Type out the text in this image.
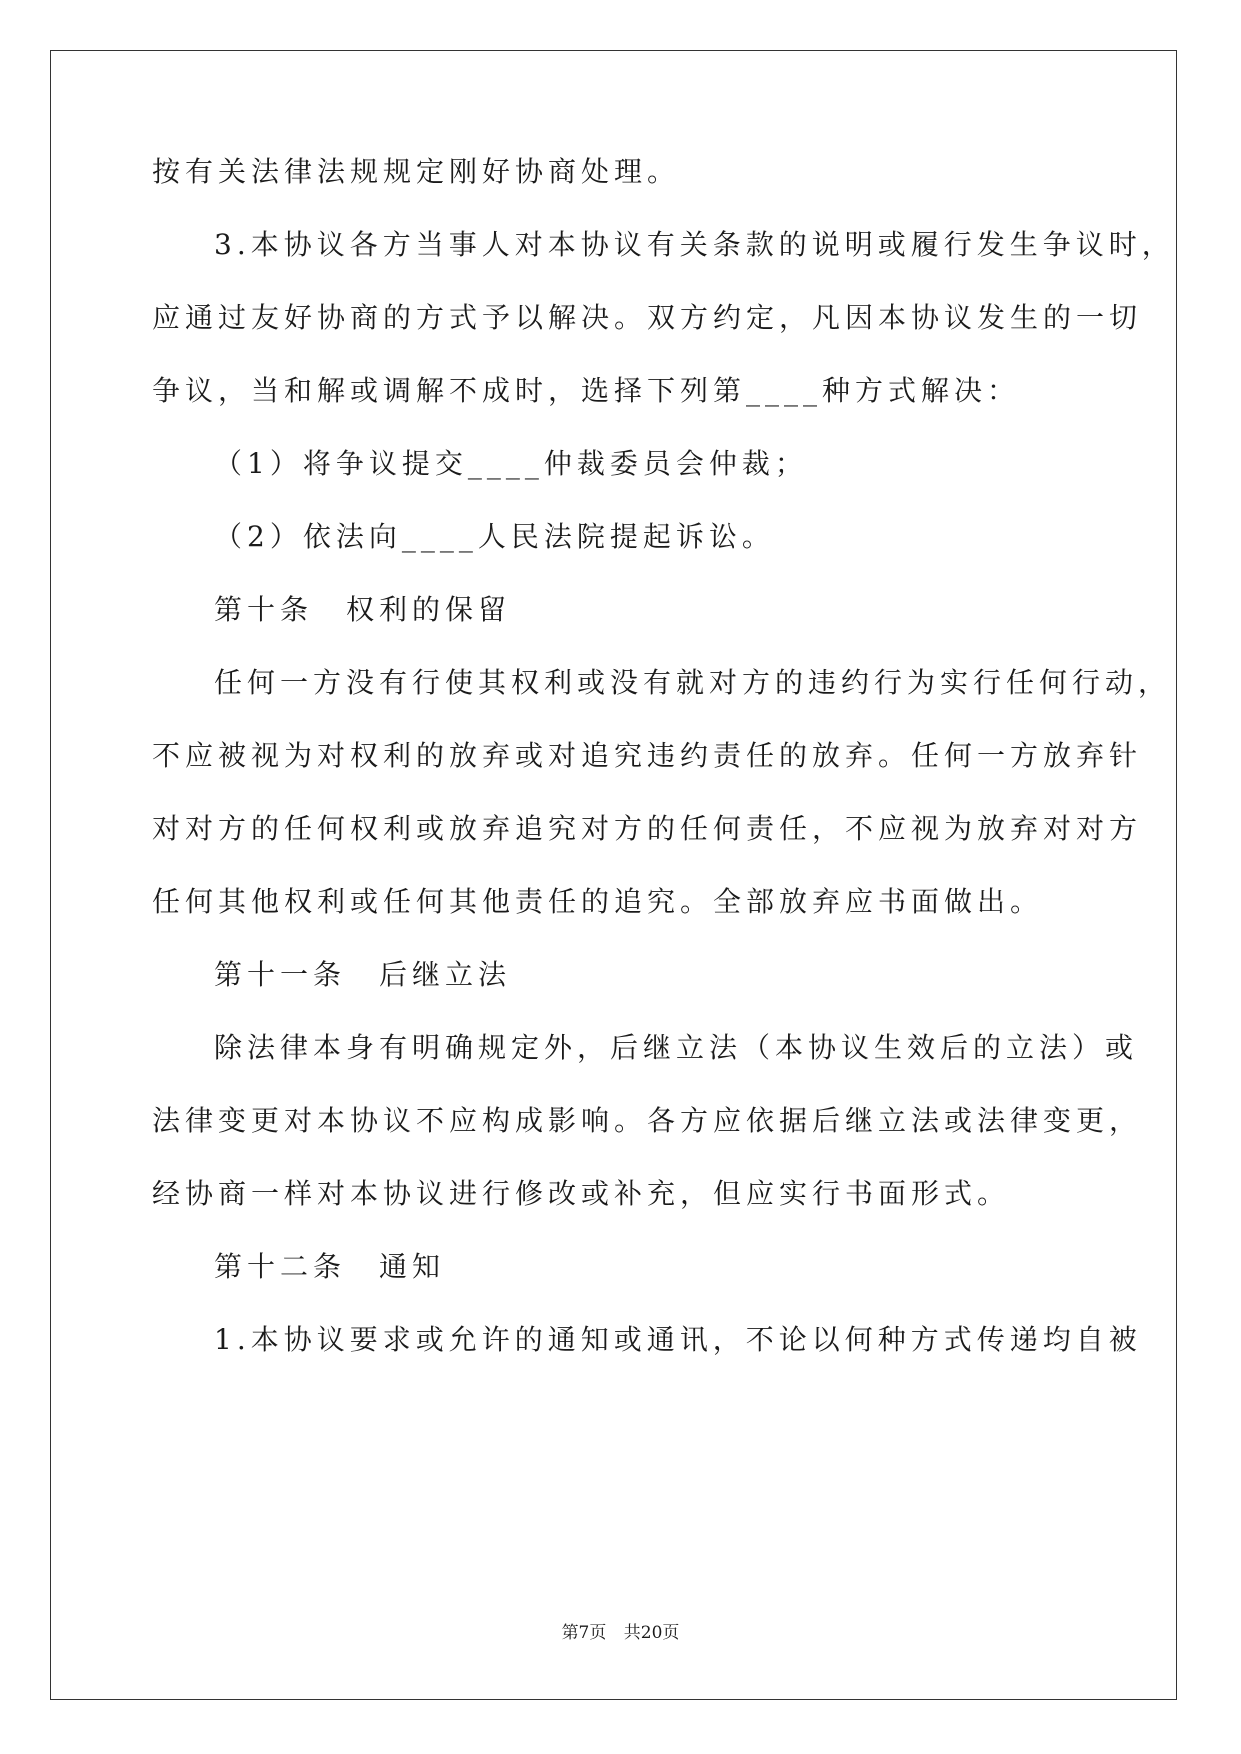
按有关法律法规规定刚好协商处理。
3.本协议各方当事人对本协议有关条款的说明或履行发生争议时，
应通过友好协商的方式予以解决。双方约定，凡因本协议发生的一切
争议，当和解或调解不成时，选择下列第____种方式解决：
（1）将争议提交____仲裁委员会仲裁；
（2）依法向____人民法院提起诉讼。
第十条　权利的保留
任何一方没有行使其权利或没有就对方的违约行为实行任何行动，
不应被视为对权利的放弃或对追究违约责任的放弃。任何一方放弃针
对对方的任何权利或放弃追究对方的任何责任，不应视为放弃对对方
任何其他权利或任何其他责任的追究。全部放弃应书面做出。
第十一条　后继立法
除法律本身有明确规定外，后继立法（本协议生效后的立法）或
法律变更对本协议不应构成影响。各方应依据后继立法或法律变更，
经协商一样对本协议进行修改或补充，但应实行书面形式。
第十二条　通知
1.本协议要求或允许的通知或通讯，不论以何种方式传递均自被
第7页 共20页
